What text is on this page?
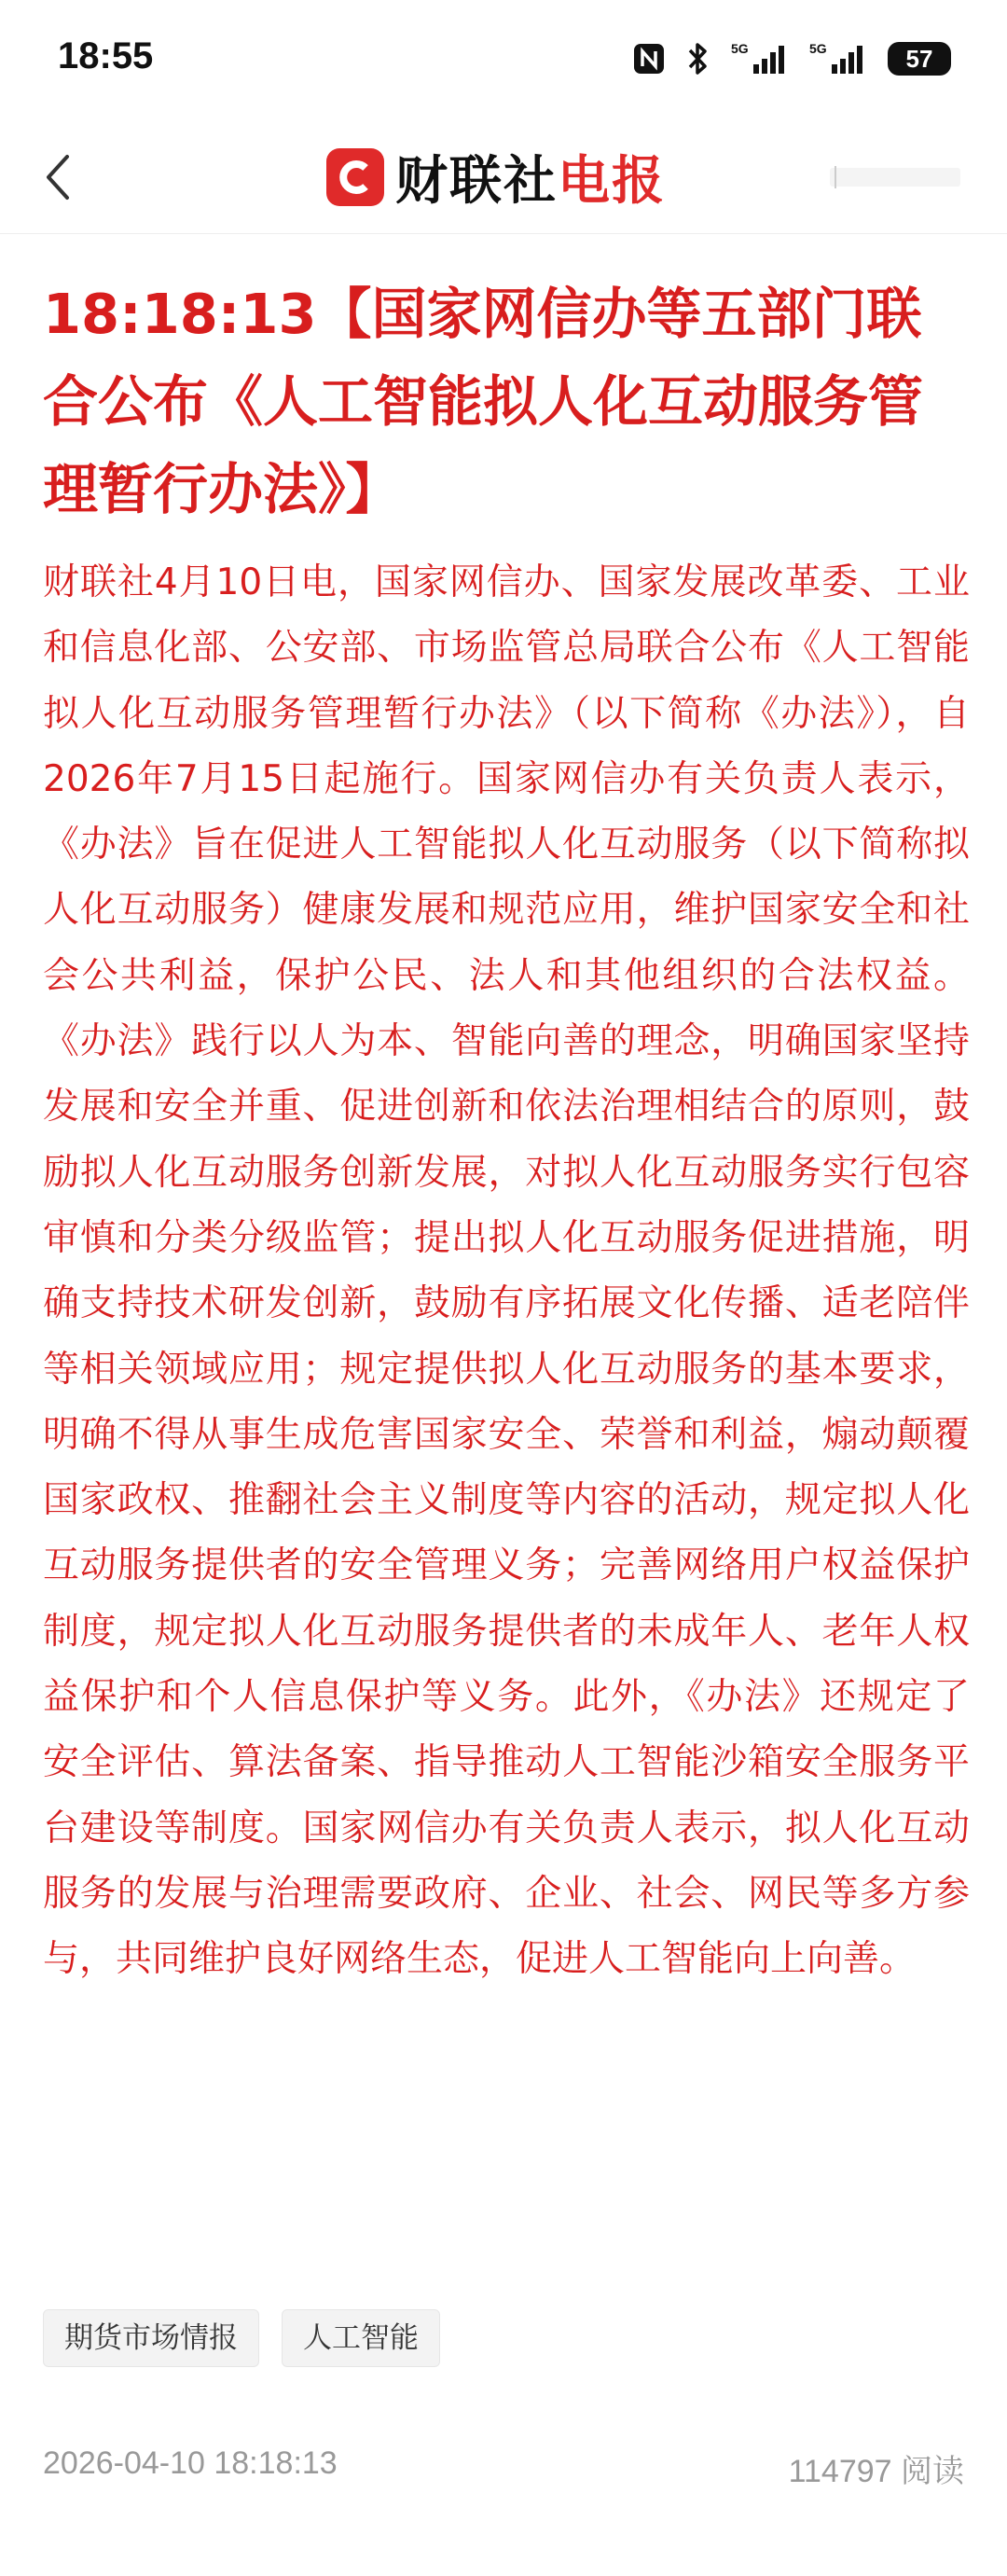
18:55	5G	5G	57
财联社电报
18:18:13【国家网信办等五部门联合公布《人工智能拟人化互动服务管理暂行办法》】

财联社4月10日电，国家网信办、国家发展改革委、工业和信息化部、公安部、市场监管总局联合公布《人工智能拟人化互动服务管理暂行办法》（以下简称《办法》），自2026年7月15日起施行。国家网信办有关负责人表示，《办法》旨在促进人工智能拟人化互动服务（以下简称拟人化互动服务）健康发展和规范应用，维护国家安全和社会公共利益，保护公民、法人和其他组织的合法权益。《办法》践行以人为本、智能向善的理念，明确国家坚持发展和安全并重、促进创新和依法治理相结合的原则，鼓励拟人化互动服务创新发展，对拟人化互动服务实行包容审慎和分类分级监管；提出拟人化互动服务促进措施，明确支持技术研发创新，鼓励有序拓展文化传播、适老陪伴等相关领域应用；规定提供拟人化互动服务的基本要求，明确不得从事生成危害国家安全、荣誉和利益，煽动颠覆国家政权、推翻社会主义制度等内容的活动，规定拟人化互动服务提供者的安全管理义务；完善网络用户权益保护制度，规定拟人化互动服务提供者的未成年人、老年人权益保护和个人信息保护等义务。此外，《办法》还规定了安全评估、算法备案、指导推动人工智能沙箱安全服务平台建设等制度。国家网信办有关负责人表示，拟人化互动服务的发展与治理需要政府、企业、社会、网民等多方参与，共同维护良好网络生态，促进人工智能向上向善。

期货市场情报	人工智能
2026-04-10 18:18:13	114797 阅读
